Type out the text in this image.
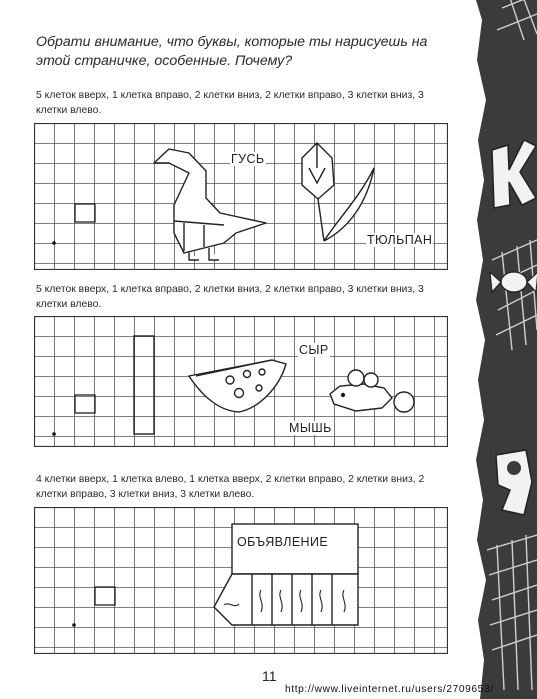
Обрати внимание, что буквы, которые ты нарисуешь на этой страничке, особенные. Почему?
5 клеток вверх, 1 клетка вправо, 2 клетки вниз, 2 клетки вправо, 3 клетки вниз, 3 клетки влево.
ГУСЬ
ТЮЛЬПАН
5 клеток вверх, 1 клетка вправо, 2 клетки вниз, 2 клетки вправо, 3 клетки вниз, 3 клетки влево.
СЫР
МЫШЬ
4 клетки вверх, 1 клетка влево, 1 клетка вверх, 2 клетки вправо, 2 клетки вниз, 2 клетки вправо, 3 клетки вниз, 3 клетки влево.
ОБЪЯВЛЕНИЕ
11
http://www.liveinternet.ru/users/2709653/
